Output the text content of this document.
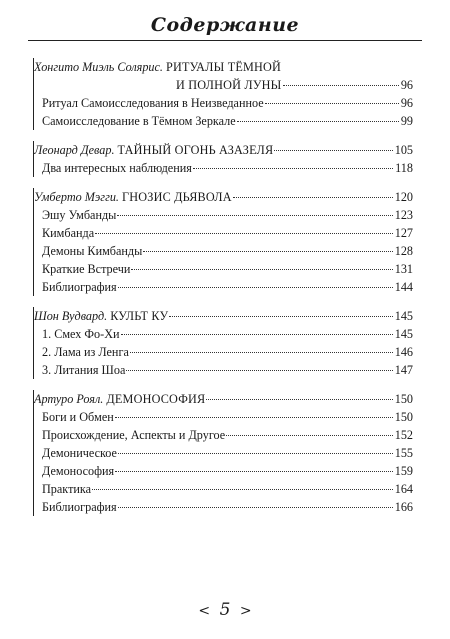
Содержание
Хонгито Миэль Солярис. РИТУАЛЫ ТЁМНОЙ
И ПОЛНОЙ ЛУНЫ	96
Ритуал Самоисследования в Неизведанное	96
Самоисследование в Тёмном Зеркале	99
Леонард Девар. ТАЙНЫЙ ОГОНЬ АЗАЗЕЛЯ	105
Два интересных наблюдения	118
Умберто Мэгги. ГНОЗИС ДЬЯВОЛА	120
Эшу Умбанды	123
Кимбанда	127
Демоны Кимбанды	128
Краткие Встречи	131
Библиография	144
Шон Вудвард. КУЛЬТ КУ	145
1. Смех Фо-Хи	145
2. Лама из Ленга	146
3. Литания Шоа	147
Артуро Роял. ДЕМОНОСОФИЯ	150
Боги и Обмен	150
Происхождение, Аспекты и Другое	152
Демоническое	155
Демонософия	159
Практика	164
Библиография	166
< 5 >
